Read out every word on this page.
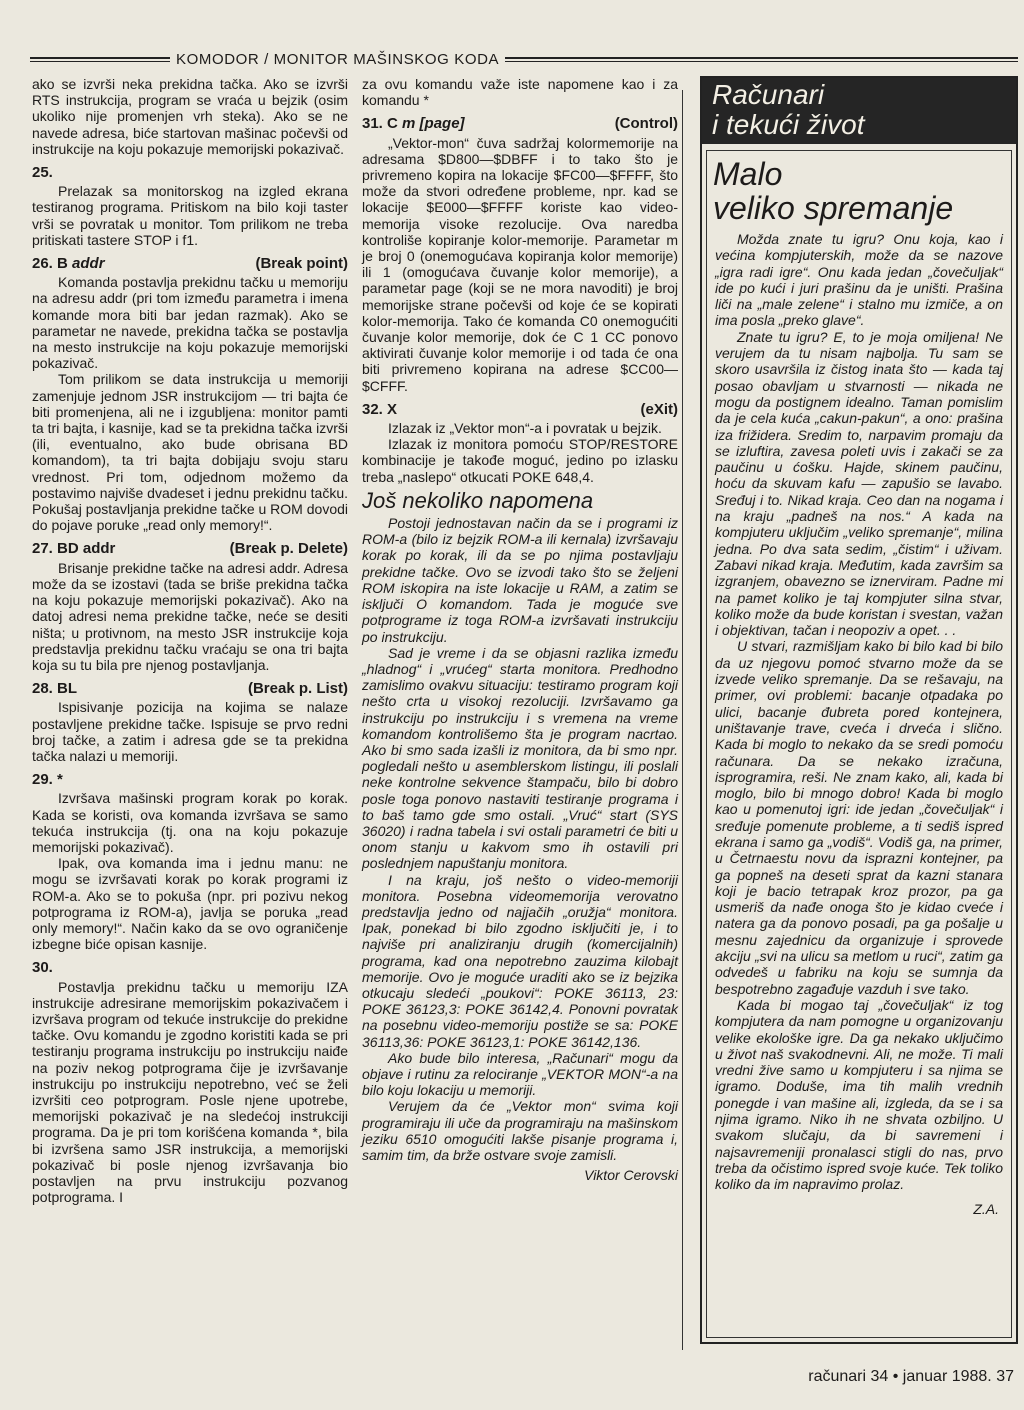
KOMODOR / MONITOR MAŠINSKOG KODA

ako se izvrši neka prekidna tačka. Ako se izvrši RTS instrukcija, program se vraća u bejzik (osim ukoliko nije promenjen vrh steka). Ako se ne navede adresa, biće startovan mašinac počevši od instrukcije na koju pokazuje memorijski pokazivač.

25.

Prelazak sa monitorskog na izgled ekrana testiranog programa. Pritiskom na bilo koji taster vrši se povratak u monitor. Tom prilikom ne treba pritiskati tastere STOP i f1.

26. B addr	(Break point)

Komanda postavlja prekidnu tačku u memoriju na adresu addr (pri tom između parametra i imena komande mora biti bar jedan razmak). Ako se parametar ne navede, prekidna tačka se postavlja na mesto instrukcije na koju pokazuje memorijski pokazivač.

Tom prilikom se data instrukcija u memoriji zamenjuje jednom JSR instrukcijom — tri bajta će biti promenjena, ali ne i izgubljena: monitor pamti ta tri bajta, i kasnije, kad se ta prekidna tačka izvrši (ili, eventualno, ako bude obrisana BD komandom), ta tri bajta dobijaju svoju staru vrednost. Pri tom, odjednom možemo da postavimo najviše dvadeset i jednu prekidnu tačku. Pokušaj postavljanja prekidne tačke u ROM dovodi do pojave poruke „read only memory!“.

27. BD addr	(Break p. Delete)

Brisanje prekidne tačke na adresi addr. Adresa može da se izostavi (tada se briše prekidna tačka na koju pokazuje memorijski pokazivač). Ako na datoj adresi nema prekidne tačke, neće se desiti ništa; u protivnom, na mesto JSR instrukcije koja predstavlja prekidnu tačku vraćaju se ona tri bajta koja su tu bila pre njenog postavljanja.

28. BL	(Break p. List)

Ispisivanje pozicija na kojima se nalaze postavljene prekidne tačke. Ispisuje se prvo redni broj tačke, a zatim i adresa gde se ta prekidna tačka nalazi u memoriji.

29. *

Izvršava mašinski program korak po korak. Kada se koristi, ova komanda izvršava se samo tekuća instrukcija (tj. ona na koju pokazuje memorijski pokazivač).

Ipak, ova komanda ima i jednu manu: ne mogu se izvršavati korak po korak programi iz ROM-a. Ako se to pokuša (npr. pri pozivu nekog potprograma iz ROM-a), javlja se poruka „read only memory!“. Način kako da se ovo ograničenje izbegne biće opisan kasnije.

30.

Postavlja prekidnu tačku u memoriju IZA instrukcije adresirane memorijskim pokazivačem i izvršava program od tekuće instrukcije do prekidne tačke. Ovu komandu je zgodno koristiti kada se pri testiranju programa instrukciju po instrukciju naiđe na poziv nekog potprograma čije je izvršavanje instrukciju po instrukciju nepotrebno, već se želi izvršiti ceo potprogram. Posle njene upotrebe, memorijski pokazivač je na sledećoj instrukciji programa. Da je pri tom korišćena komanda *, bila bi izvršena samo JSR instrukcija, a memorijski pokazivač bi posle njenog izvršavanja bio postavljen na prvu instrukciju pozvanog potprograma. I

za ovu komandu važe iste napomene kao i za komandu *

31. C m [page]	(Control)

„Vektor-mon“ čuva sadržaj kolormemorije na adresama $D800—$DBFF i to tako što je privremeno kopira na lokacije $FC00—$FFFF, što može da stvori određene probleme, npr. kad se lokacije $E000—$FFFF koriste kao video-memorija visoke rezolucije. Ova naredba kontroliše kopiranje kolor-memorije. Parametar m je broj 0 (onemogućava kopiranja kolor memorije) ili 1 (omogućava čuvanje kolor memorije), a parametar page (koji se ne mora navoditi) je broj memorijske strane počevši od koje će se kopirati kolor-memorija. Tako će komanda C0 onemogućiti čuvanje kolor memorije, dok će C 1 CC ponovo aktivirati čuvanje kolor memorije i od tada će ona biti privremeno kopirana na adrese $CC00—$CFFF.

32. X	(eXit)

Izlazak iz „Vektor mon“-a i povratak u bejzik.

Izlazak iz monitora pomoću STOP/RESTORE kombinacije je takođe moguć, jedino po izlasku treba „naslepo“ otkucati POKE 648,4.

Još nekoliko napomena

Postoji jednostavan način da se i programi iz ROM-a (bilo iz bejzik ROM-a ili kernala) izvršavaju korak po korak, ili da se po njima postavljaju prekidne tačke. Ovo se izvodi tako što se željeni ROM iskopira na iste lokacije u RAM, a zatim se isključi O komandom. Tada je moguće sve potprograme iz toga ROM-a izvršavati instrukciju po instrukciju.

Sad je vreme i da se objasni razlika između „hladnog“ i „vrućeg“ starta monitora. Predhodno zamislimo ovakvu situaciju: testiramo program koji nešto crta u visokoj rezoluciji. Izvršavamo ga instrukciju po instrukciju i s vremena na vreme komandom kontrolišemo šta je program nacrtao. Ako bi smo sada izašli iz monitora, da bi smo npr. pogledali nešto u asemblerskom listingu, ili poslali neke kontrolne sekvence štampaču, bilo bi dobro posle toga ponovo nastaviti testiranje programa i to baš tamo gde smo ostali. „Vruć“ start (SYS 36020) i radna tabela i svi ostali parametri će biti u onom stanju u kakvom smo ih ostavili pri poslednjem napuštanju monitora.

I na kraju, još nešto o video-memoriji monitora. Posebna videomemorija verovatno predstavlja jedno od najjačih „oružja“ monitora. Ipak, ponekad bi bilo zgodno isključiti je, i to najviše pri analiziranju drugih (komercijalnih) programa, kad ona nepotrebno zauzima kilobajt memorije. Ovo je moguće uraditi ako se iz bejzika otkucaju sledeći „poukovi“: POKE 36113, 23: POKE 36123,3: POKE 36142,4. Ponovni povratak na posebnu video-memoriju postiže se sa: POKE 36113,36: POKE 36123,1: POKE 36142,136.

Ako bude bilo interesa, „Računari“ mogu da objave i rutinu za relociranje „VEKTOR MON“-a na bilo koju lokaciju u memoriji.

Verujem da će „Vektor mon“ svima koji programiraju ili uče da programiraju na mašinskom jeziku 6510 omogućiti lakše pisanje programa i, samim tim, da brže ostvare svoje zamisli.

Viktor Cerovski
Računari
i tekući život
Malo
veliko spremanje

Možda znate tu igru? Onu koja, kao i većina kompjuterskih, može da se nazove „igra radi igre“. Onu kada jedan „čovečuljak“ ide po kući i juri prašinu da je uništi. Prašina liči na „male zelene“ i stalno mu izmiče, a on ima posla „preko glave“.

Znate tu igru? E, to je moja omiljena! Ne verujem da tu nisam najbolja. Tu sam se skoro usavršila iz čistog inata što — kada taj posao obavljam u stvarnosti — nikada ne mogu da postignem idealno. Taman pomislim da je cela kuća „cakun-pakun“, a ono: prašina iza frižidera. Sredim to, narpavim promaju da se izluftira, zavesa poleti uvis i zakači se za paučinu u ćošku. Hajde, skinem paučinu, hoću da skuvam kafu — zapušio se lavabo. Sređuj i to. Nikad kraja. Ceo dan na nogama i na kraju „padneš na nos.“ A kada na kompjuteru uključim „veliko spremanje“, milina jedna. Po dva sata sedim, „čistim“ i uživam. Zabavi nikad kraja. Međutim, kada završim sa izgranjem, obavezno se iznerviram. Padne mi na pamet koliko je taj kompjuter silna stvar, koliko može da bude koristan i svestan, važan i objektivan, tačan i neopoziv a opet. . .

U stvari, razmišljam kako bi bilo kad bi bilo da uz njegovu pomoć stvarno može da se izvede veliko spremanje. Da se rešavaju, na primer, ovi problemi: bacanje otpadaka po ulici, bacanje đubreta pored kontejnera, uništavanje trave, cveća i drveća i slično. Kada bi moglo to nekako da se sredi pomoću računara. Da se nekako izračuna, isprogramira, reši. Ne znam kako, ali, kada bi moglo, bilo bi mnogo dobro! Kada bi moglo kao u pomenutoj igri: ide jedan „čovečuljak“ i sređuje pomenute probleme, a ti sediš ispred ekrana i samo ga „vodiš“. Vodiš ga, na primer, u Četrnaestu novu da isprazni kontejner, pa ga popneš na deseti sprat da kazni stanara koji je bacio tetrapak kroz prozor, pa ga usmeriš da nađe onoga što je kidao cveće i natera ga da ponovo posadi, pa ga pošalje u mesnu zajednicu da organizuje i sprovede akciju „svi na ulicu sa metlom u ruci“, zatim ga odvedeš u fabriku na koju se sumnja da bespotrebno zagađuje vazduh i sve tako.

Kada bi mogao taj „čovečuljak“ iz tog kompjutera da nam pomogne u organizovanju velike ekološke igre. Da ga nekako uključimo u život naš svakodnevni. Ali, ne može. Ti mali vredni žive samo u kompjuteru i sa njima se igramo. Doduše, ima tih malih vrednih ponegde i van mašine ali, izgleda, da se i sa njima igramo. Niko ih ne shvata ozbiljno. U svakom slučaju, da bi savremeni i najsavremeniji pronalasci stigli do nas, prvo treba da očistimo ispred svoje kuće. Tek toliko koliko da im napravimo prolaz.

Z.A.
računari 34 • januar 1988. 37
